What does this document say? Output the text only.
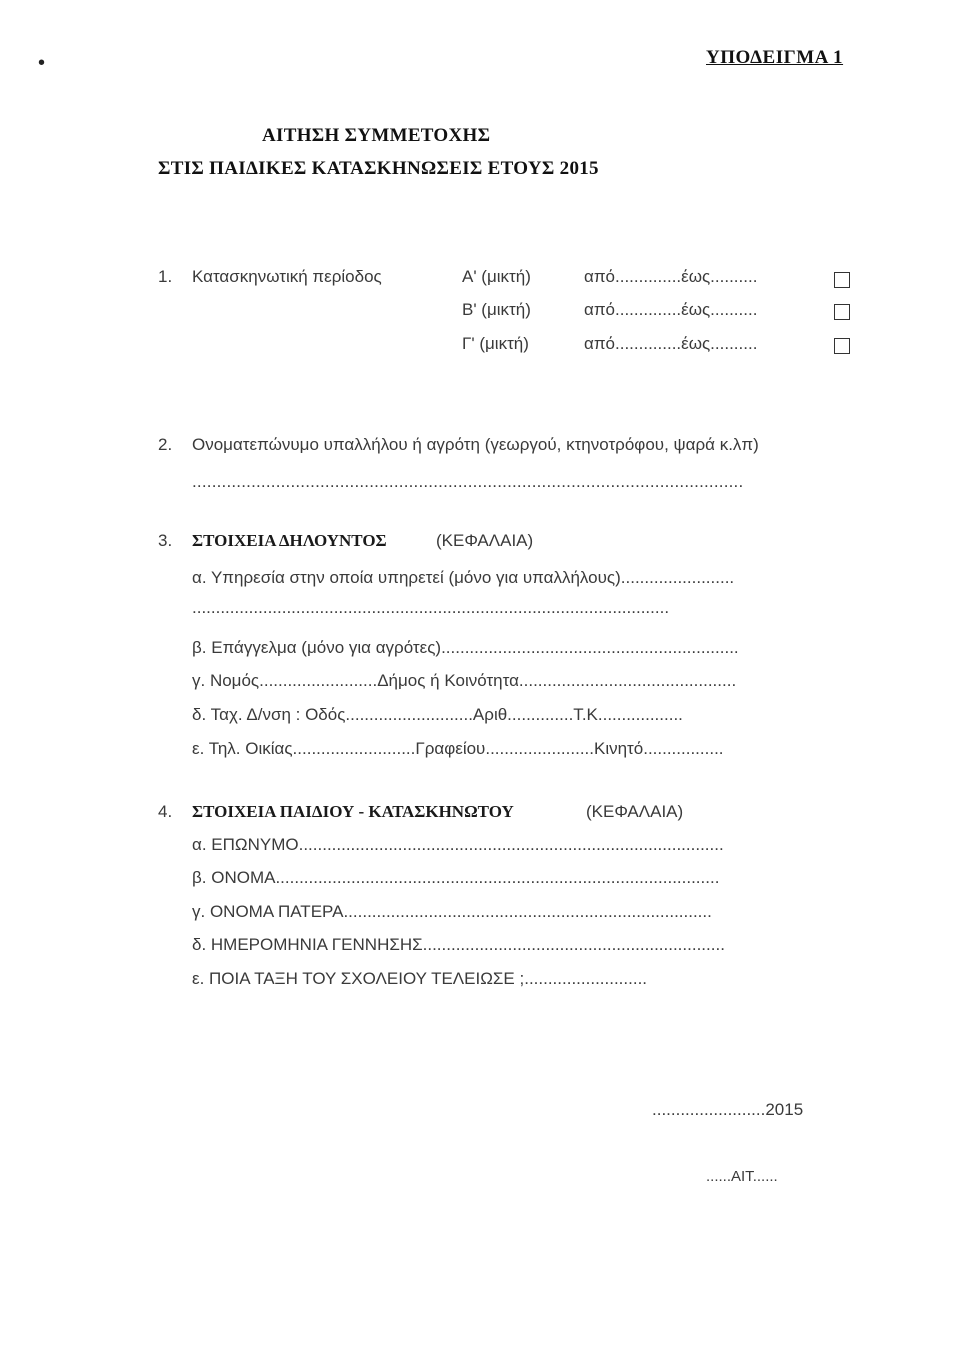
•	ΥΠΟΔΕΙΓΜΑ 1
ΑΙΤΗΣΗ ΣΥΜΜΕΤΟΧΗΣ
ΣΤΙΣ ΠΑΙΔΙΚΕΣ ΚΑΤΑΣΚΗΝΩΣΕΙΣ ΕΤΟΥΣ 2015
1. Κατασκηνωτική περίοδος	Α' (μικτή)	από..............έως..........
Β' (μικτή)	από..............έως..........
Γ' (μικτή)	από..............έως..........
2. Ονοματεπώνυμο υπαλλήλου ή αγρότη (γεωργού, κτηνοτρόφου, ψαρά κ.λπ)
................................................................................................................
3. ΣΤΟΙΧΕΙΑ ΔΗΛΟΥΝΤΟΣ	(ΚΕΦΑΛΑΙΑ)
α. Υπηρεσία στην οποία υπηρετεί (μόνο για υπαλλήλους)........................
.....................................................................................................
β. Επάγγελμα (μόνο για αγρότες)...............................................................
γ. Νομός.........................Δήμος ή Κοινότητα..............................................
δ. Ταχ. Δ/νση : Οδός...........................Αριθ..............Τ.Κ..................
ε. Τηλ. Οικίας..........................Γραφείου.......................Κινητό.................
4. ΣΤΟΙΧΕΙΑ ΠΑΙΔΙΟΥ - ΚΑΤΑΣΚΗΝΩΤΟΥ	(ΚΕΦΑΛΑΙΑ)
α. ΕΠΩΝΥΜΟ..........................................................................................
β. ΟΝΟΜΑ..............................................................................................
γ. ΟΝΟΜΑ ΠΑΤΕΡΑ..............................................................................
δ. ΗΜΕΡΟΜΗΝΙΑ ΓΕΝΝΗΣΗΣ................................................................
ε. ΠΟΙΑ ΤΑΞΗ ΤΟΥ ΣΧΟΛΕΙΟΥ ΤΕΛΕΙΩΣΕ ;..........................
........................2015
......ΑΙΤ......
